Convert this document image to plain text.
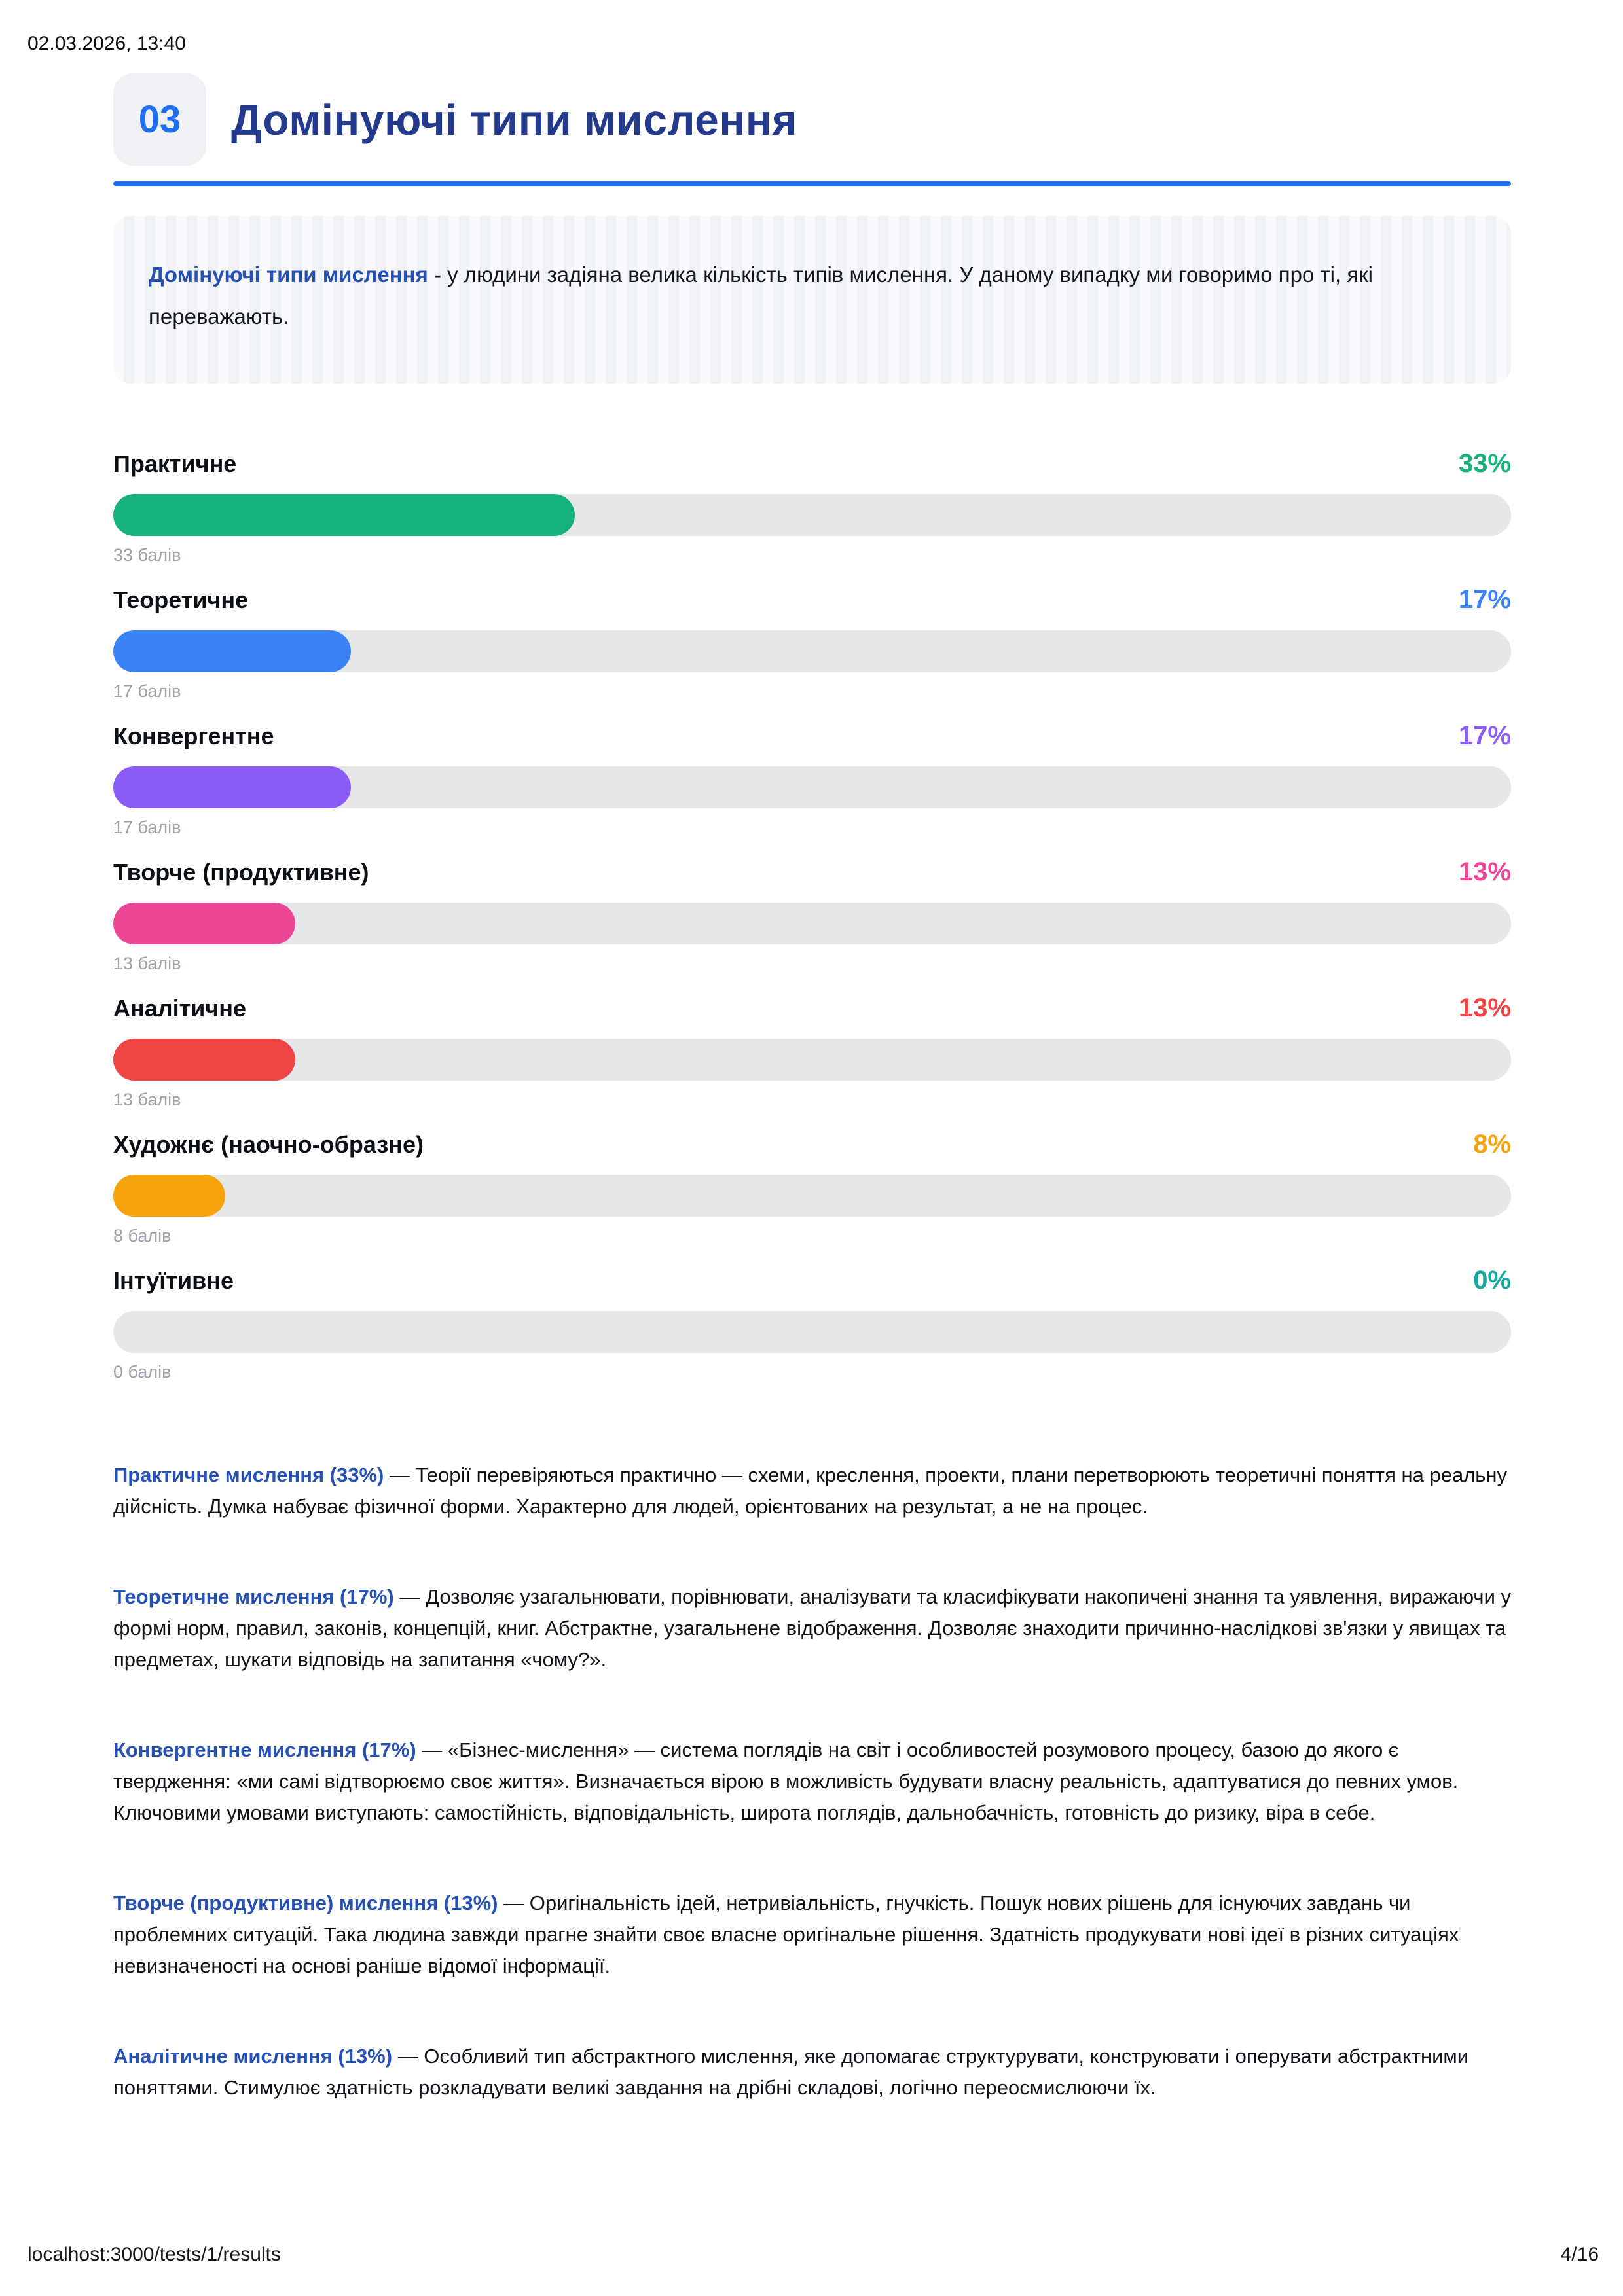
02.03.2026, 13:40
03 Домінуючі типи мислення
Домінуючі типи мислення - у людини задіяна велика кількість типів мислення. У даному випадку ми говоримо про ті, які переважають.
Практичне	33%
33 балів
Теоретичне	17%
17 балів
Конвергентне	17%
17 балів
Творче (продуктивне)	13%
13 балів
Аналітичне	13%
13 балів
Художнє (наочно-образне)	8%
8 балів
Інтуїтивне	0%
0 балів

Практичне мислення (33%) — Теорії перевіряються практично — схеми, креслення, проекти, плани перетворюють теоретичні поняття на реальну дійсність. Думка набуває фізичної форми. Характерно для людей, орієнтованих на результат, а не на процес.

Теоретичне мислення (17%) — Дозволяє узагальнювати, порівнювати, аналізувати та класифікувати накопичені знання та уявлення, виражаючи у формі норм, правил, законів, концепцій, книг. Абстрактне, узагальнене відображення. Дозволяє знаходити причинно-наслідкові зв'язки у явищах та предметах, шукати відповідь на запитання «чому?».

Конвергентне мислення (17%) — «Бізнес-мислення» — система поглядів на світ і особливостей розумового процесу, базою до якого є твердження: «ми самі відтворюємо своє життя». Визначається вірою в можливість будувати власну реальність, адаптуватися до певних умов. Ключовими умовами виступають: самостійність, відповідальність, широта поглядів, дальнобачність, готовність до ризику, віра в себе.

Творче (продуктивне) мислення (13%) — Оригінальність ідей, нетривіальність, гнучкість. Пошук нових рішень для існуючих завдань чи проблемних ситуацій. Така людина завжди прагне знайти своє власне оригінальне рішення. Здатність продукувати нові ідеї в різних ситуаціях невизначеності на основі раніше відомої інформації.

Аналітичне мислення (13%) — Особливий тип абстрактного мислення, яке допомагає структурувати, конструювати і оперувати абстрактними поняттями. Стимулює здатність розкладувати великі завдання на дрібні складові, логічно переосмислюючи їх.

localhost:3000/tests/1/results	4/16
